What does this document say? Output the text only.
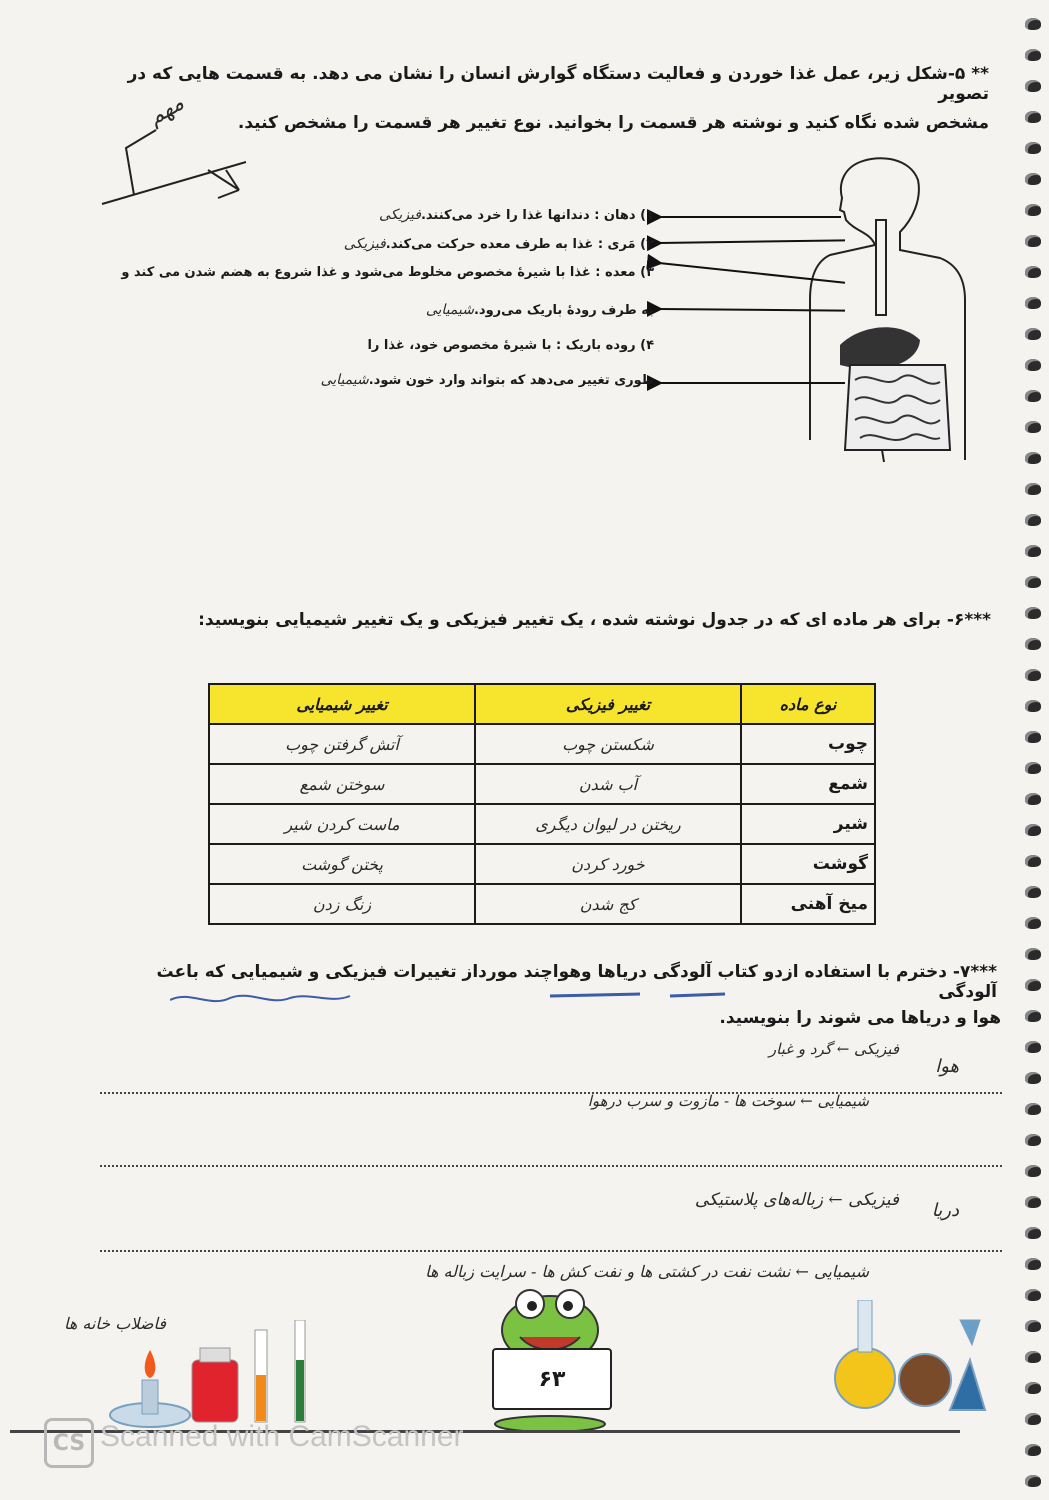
** ۵-شکل زیر، عمل غذا خوردن و فعالیت دستگاه گوارش انسان را نشان می دهد. به قسمت هایی که در تصویر
مشخص شده نگاه کنید و نوشته هر قسمت را بخوانید. نوع تغییر هر قسمت را مشخص کنید.
مهم
۱) دهان : دندانها غذا را خرد می‌کنند.فیزیکی
۲) مَری : غذا به طرف معده حرکت می‌کند.فیزیکی
۳) معده : غذا با شیرهٔ مخصوص مخلوط می‌شود و غذا شروع به هضم شدن می کند و
به طرف رودهٔ باریک می‌رود.شیمیایی
۴) روده باریک : با شیرهٔ مخصوص خود، غذا را
طوری تغییر می‌دهد که بتواند وارد خون شود.شیمیایی
***۶- برای هر ماده ای که در جدول نوشته شده ، یک تغییر فیزیکی و یک تغییر شیمیایی بنویسید:
نوع ماده	تغییر فیزیکی	تغییر شیمیایی
چوب	شکستن چوب	آتش گرفتن چوب
شمع	آب شدن	سوختن شمع
شیر	ریختن در لیوان دیگری	ماست کردن شیر
گوشت	خورد کردن	پختن گوشت
میخ آهنی	کج شدن	زنگ زدن
***۷- دخترم با استفاده ازدو کتاب آلودگی دریاها وهواچند مورداز تغییرات فیزیکی و شیمیایی که باعث آلودگی
هوا و دریاها می شوند را بنویسید.
هوا
فیزیکی ← گرد و غبار
شیمیایی ← سوخت ها - مازوت و سرب درهوا
دریا
فیزیکی ← زباله‌های پلاستیکی
شیمیایی ← نشت نفت در کشتی ها و نفت کش ها - سرایت زباله ها
فاضلاب خانه ها
۶۳
CS Scanned with CamScanner
